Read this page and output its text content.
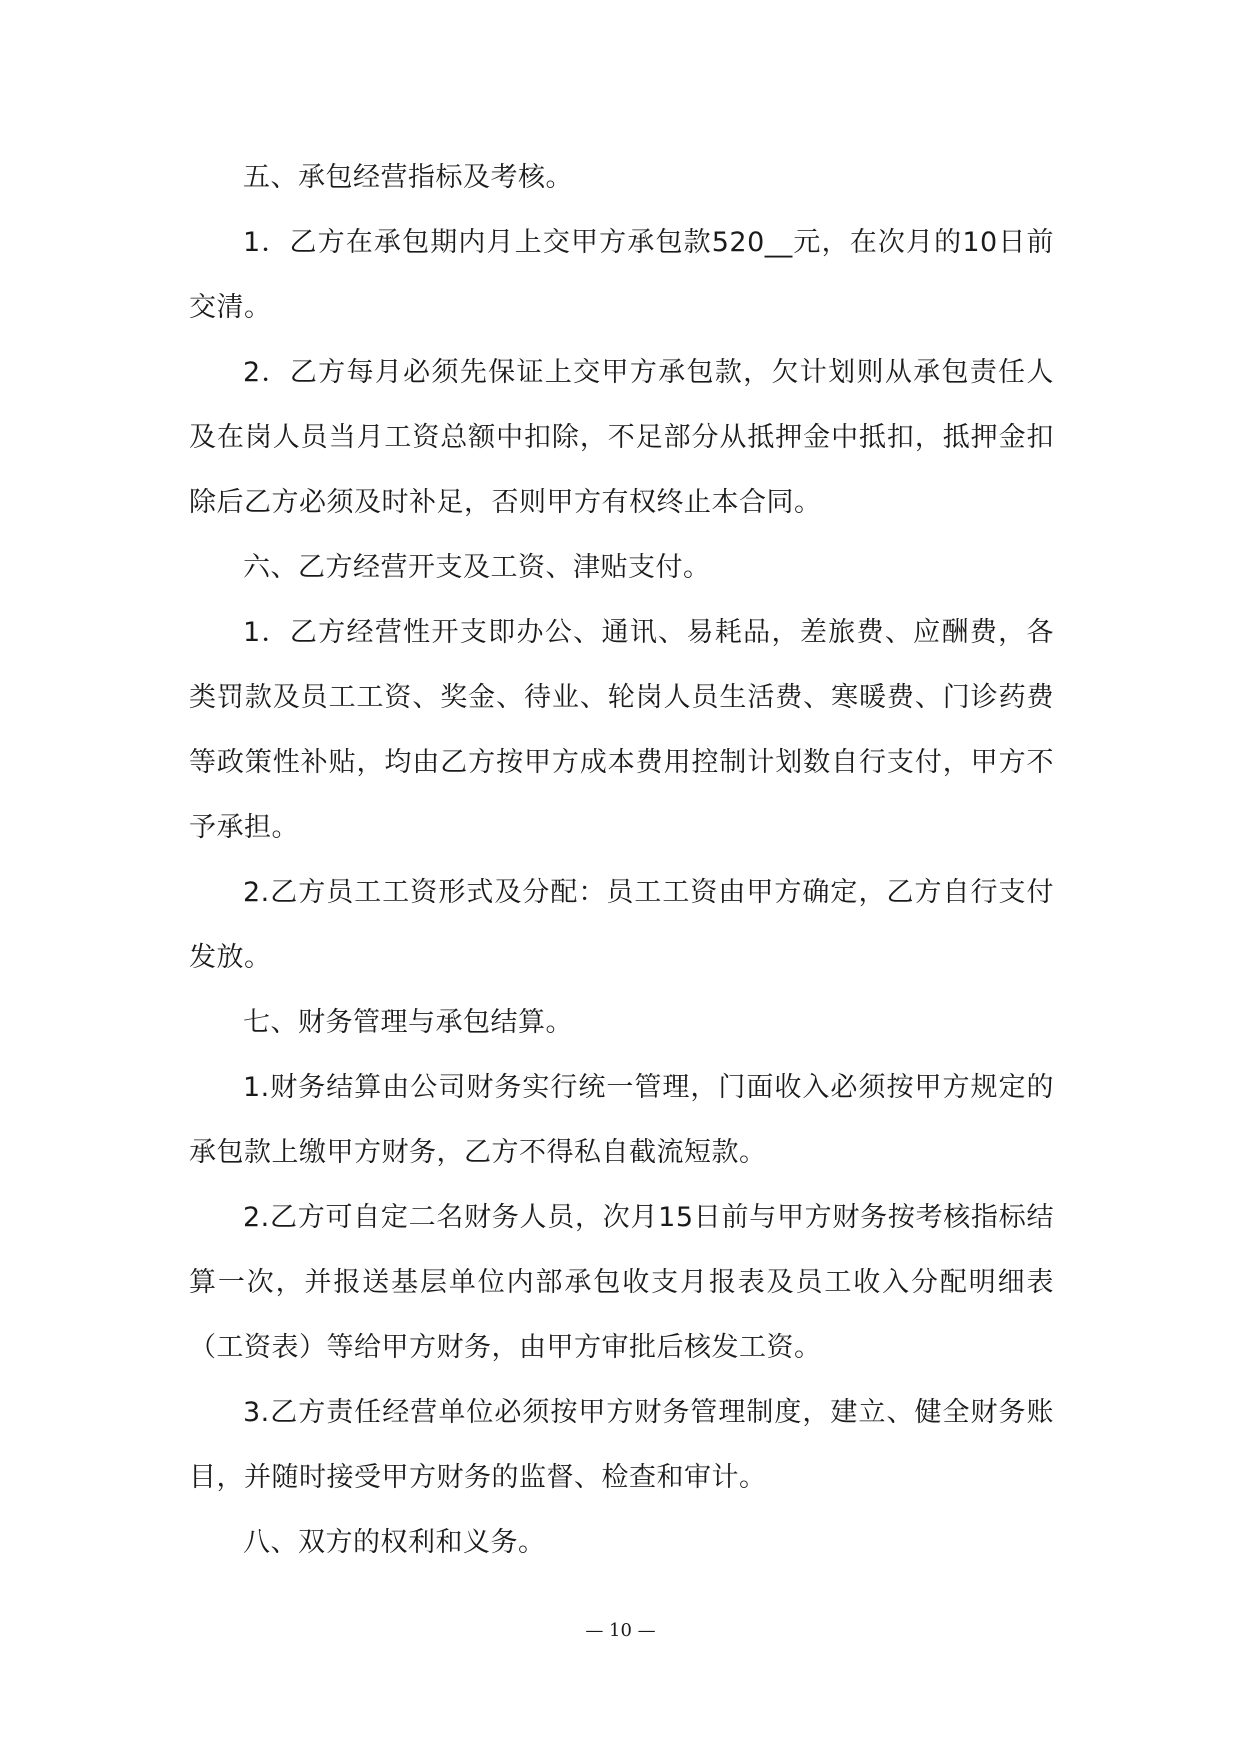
五、承包经营指标及考核。

1．乙方在承包期内月上交甲方承包款520__元，在次月的10日前交清。

2．乙方每月必须先保证上交甲方承包款，欠计划则从承包责任人及在岗人员当月工资总额中扣除，不足部分从抵押金中抵扣，抵押金扣除后乙方必须及时补足，否则甲方有权终止本合同。

六、乙方经营开支及工资、津贴支付。

1．乙方经营性开支即办公、通讯、易耗品，差旅费、应酬费，各类罚款及员工工资、奖金、待业、轮岗人员生活费、寒暖费、门诊药费等政策性补贴，均由乙方按甲方成本费用控制计划数自行支付，甲方不予承担。

2.乙方员工工资形式及分配：员工工资由甲方确定，乙方自行支付发放。

七、财务管理与承包结算。

1.财务结算由公司财务实行统一管理，门面收入必须按甲方规定的承包款上缴甲方财务，乙方不得私自截流短款。

2.乙方可自定二名财务人员，次月15日前与甲方财务按考核指标结算一次，并报送基层单位内部承包收支月报表及员工收入分配明细表（工资表）等给甲方财务，由甲方审批后核发工资。

3.乙方责任经营单位必须按甲方财务管理制度，建立、健全财务账目，并随时接受甲方财务的监督、检查和审计。

八、双方的权利和义务。

— 10 —
